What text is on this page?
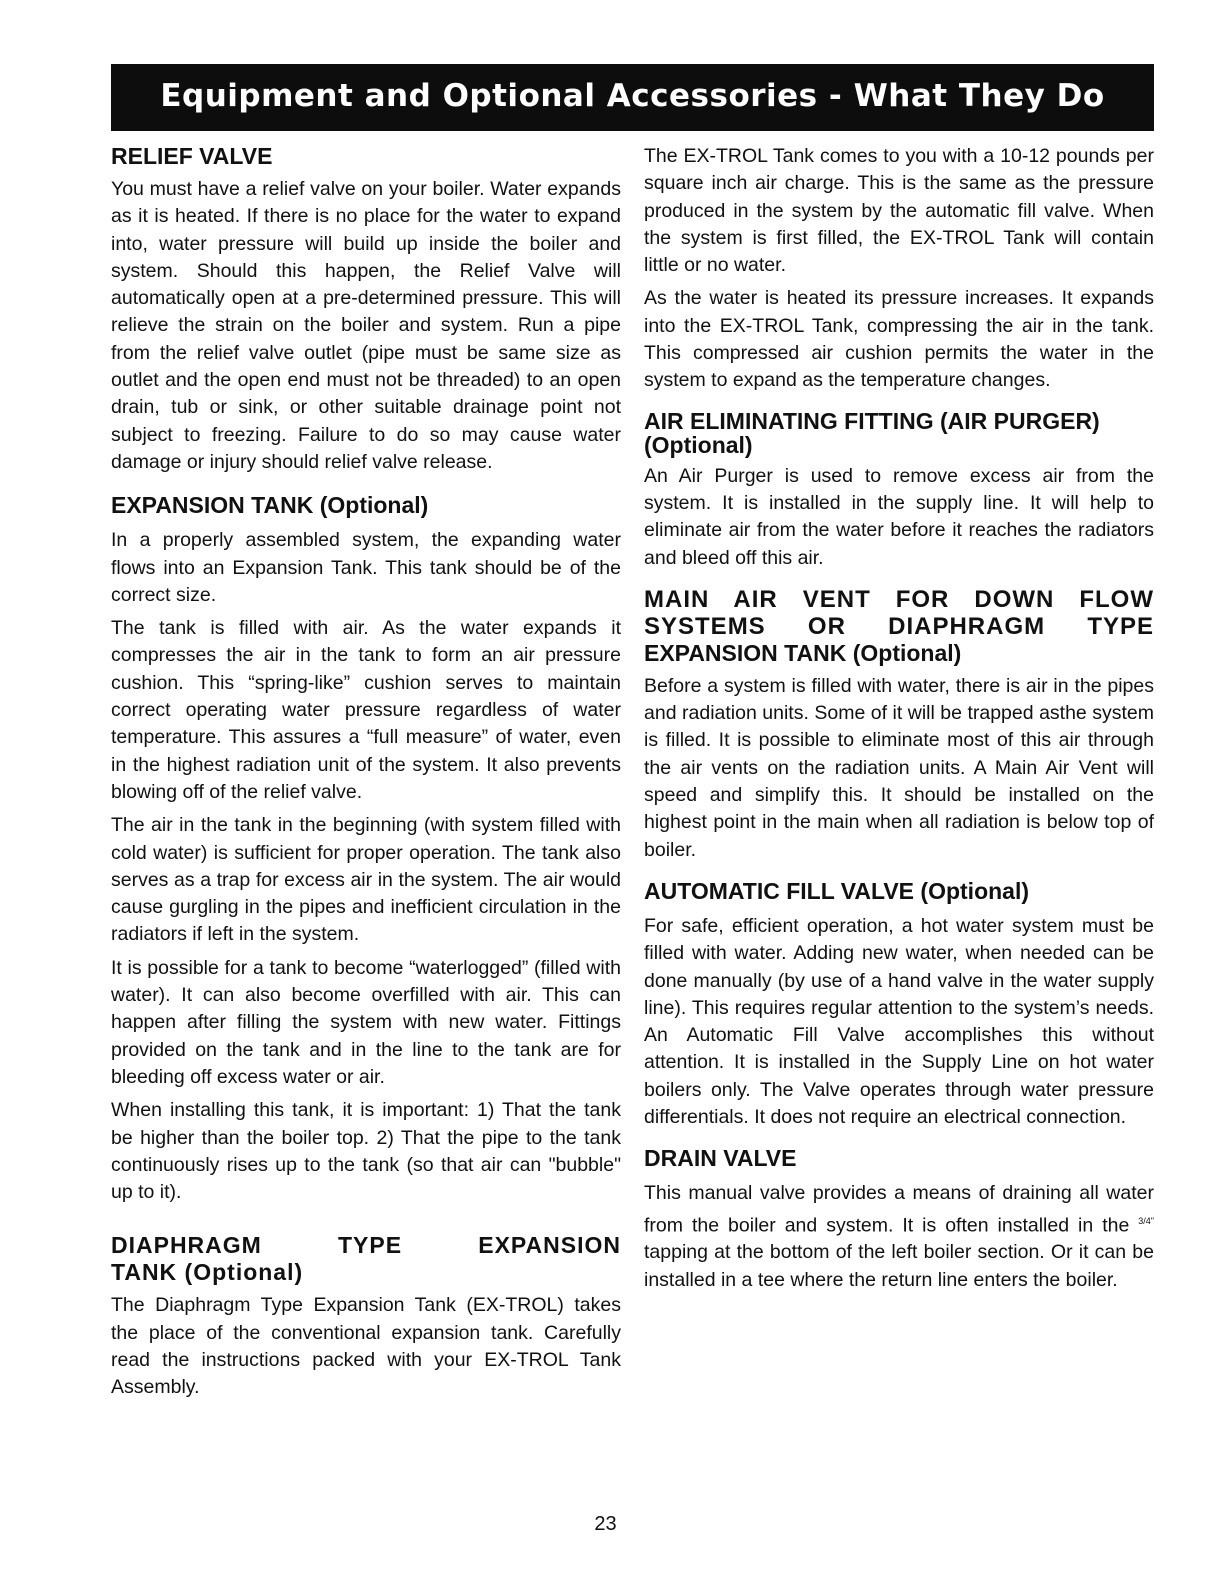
Equipment and Optional Accessories - What They Do
RELIEF VALVE

You must have a relief valve on your boiler. Water expands as it is heated. If there is no place for the water to expand into, water pressure will build up inside the boiler and system. Should this happen, the Relief Valve will automatically open at a pre-determined pressure. This will relieve the strain on the boiler and system. Run a pipe from the relief valve outlet (pipe must be same size as outlet and the open end must not be threaded) to an open drain, tub or sink, or other suitable drainage point not subject to freezing. Failure to do so may cause water damage or injury should relief valve release.

EXPANSION TANK (Optional)

In a properly assembled system, the expanding water flows into an Expansion Tank. This tank should be of the correct size.

The tank is filled with air. As the water expands it compresses the air in the tank to form an air pressure cushion. This “spring-like” cushion serves to maintain correct operating water pressure regardless of water temperature. This assures a “full measure” of water, even in the highest radiation unit of the system. It also prevents blowing off of the relief valve.

The air in the tank in the beginning (with system filled with cold water) is sufficient for proper operation. The tank also serves as a trap for excess air in the system. The air would cause gurgling in the pipes and inefficient circulation in the radiators if left in the system.

It is possible for a tank to become “waterlogged” (filled with water). It can also become overfilled with air. This can happen after filling the system with new water. Fittings provided on the tank and in the line to the tank are for bleeding off excess water or air.

When installing this tank, it is important: 1) That the tank be higher than the boiler top. 2) That the pipe to the tank continuously rises up to the tank (so that air can "bubble" up to it).

DIAPHRAGM TYPE EXPANSION
TANK (Optional)

The Diaphragm Type Expansion Tank (EX-TROL) takes the place of the conventional expansion tank. Carefully read the instructions packed with your EX-TROL Tank Assembly.

The EX-TROL Tank comes to you with a 10-12 pounds per square inch air charge. This is the same as the pressure produced in the system by the automatic fill valve. When the system is first filled, the EX-TROL Tank will contain little or no water.

As the water is heated its pressure increases. It expands into the EX-TROL Tank, compressing the air in the tank. This compressed air cushion permits the water in the system to expand as the temperature changes.

AIR ELIMINATING FITTING (AIR PURGER)
(Optional)

An Air Purger is used to remove excess air from the system. It is installed in the supply line. It will help to eliminate air from the water before it reaches the radiators and bleed off this air.

MAIN AIR VENT FOR DOWN FLOW
SYSTEMS OR DIAPHRAGM TYPE
EXPANSION TANK (Optional)

Before a system is filled with water, there is air in the pipes and radiation units. Some of it will be trapped asthe system is filled. It is possible to eliminate most of this air through the air vents on the radiation units. A Main Air Vent will speed and simplify this. It should be installed on the highest point in the main when all radiation is below top of boiler.

AUTOMATIC FILL VALVE (Optional)

For safe, efficient operation, a hot water system must be filled with water. Adding new water, when needed can be done manually (by use of a hand valve in the water supply line). This requires regular attention to the system’s needs. An Automatic Fill Valve accomplishes this without attention. It is installed in the Supply Line on hot water boilers only. The Valve operates through water pressure differentials. It does not require an electrical connection.

DRAIN VALVE

This manual valve provides a means of draining all water from the boiler and system. It is often installed in the $^{3/4"}$ tapping at the bottom of the left boiler section. Or it can be installed in a tee where the return line enters the boiler.

23
